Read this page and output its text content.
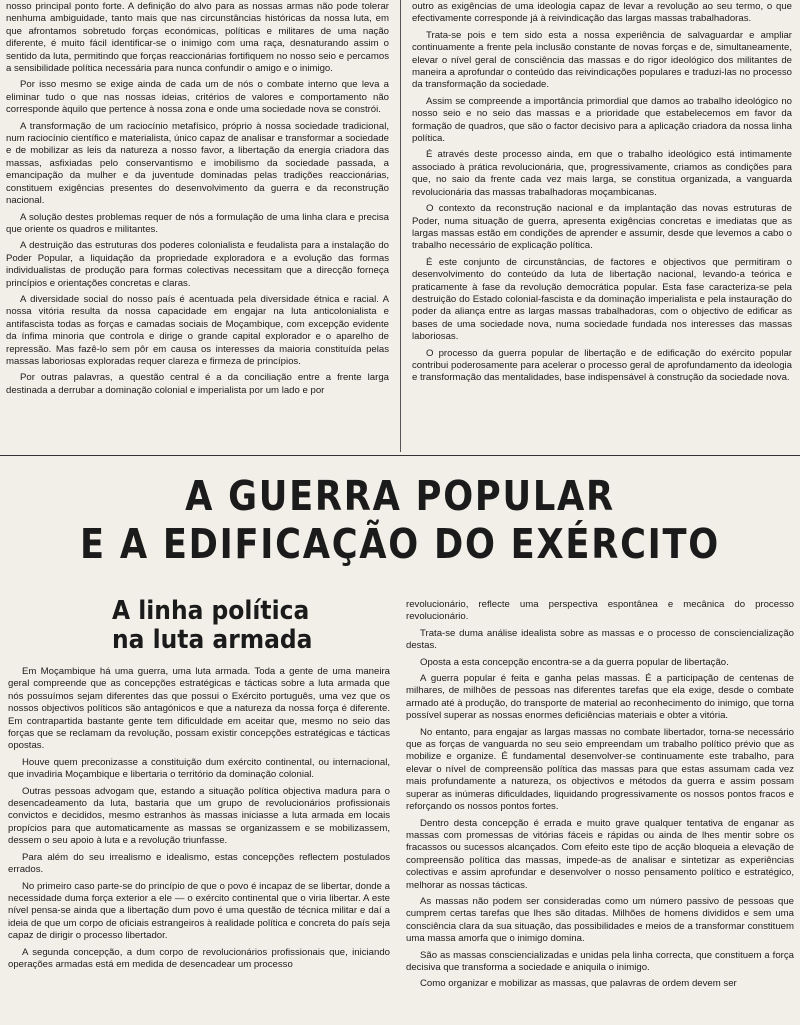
nosso principal ponto forte. A definição do alvo para as nossas armas não pode tolerar nenhuma ambiguidade, tanto mais que nas circunstâncias históricas da nossa luta, em que afrontamos sobretudo forças económicas, políticas e militares de uma nação diferente, é muito fácil identificar-se o inimigo com uma raça, desnaturando assim o sentido da luta, permitindo que forças reaccionárias fortifiquem no nosso seio e percamos a sensibilidade política necessária para nunca confundir o amigo e o inimigo.

Por isso mesmo se exige ainda de cada um de nós o combate interno que leva a eliminar tudo o que nas nossas ideias, critérios de valores e comportamento não corresponde àquilo que pertence à nossa zona e onde uma sociedade nova se constrói.

A transformação de um raciocínio metafísico, próprio à nossa sociedade tradicional, num raciocínio científico e materialista, único capaz de analisar e transformar a sociedade e de mobilizar as leis da natureza a nosso favor, a libertação da energia criadora das massas, asfixiadas pelo conservantismo e imobilismo da sociedade passada, a emancipação da mulher e da juventude dominadas pelas tradições reaccionárias, constituem exigências presentes do desenvolvimento da guerra e da reconstrução nacional.

A solução destes problemas requer de nós a formulação de uma linha clara e precisa que oriente os quadros e militantes.

A destruição das estruturas dos poderes colonialista e feudalista para a instalação do Poder Popular, a liquidação da propriedade exploradora e a evolução das formas individualistas de produção para formas colectivas necessitam que a direcção forneça princípios e orientações concretas e claras.

A diversidade social do nosso país é acentuada pela diversidade étnica e racial. A nossa vitória resulta da nossa capacidade em engajar na luta anticolonialista e antifascista todas as forças e camadas sociais de Moçambique, com excepção evidente da ínfima minoria que controla e dirige o grande capital explorador e o aparelho de repressão. Mas fazê-lo sem pôr em causa os interesses da maioria constituída pelas massas laboriosas exploradas requer clareza e firmeza de princípios.

Por outras palavras, a questão central é a da conciliação entre a frente larga destinada a derrubar a dominação colonial e imperialista por um lado e por

outro as exigências de uma ideologia capaz de levar a revolução ao seu termo, o que efectivamente corresponde já à reivindicação das largas massas trabalhadoras.

Trata-se pois e tem sido esta a nossa experiência de salvaguardar e ampliar continuamente a frente pela inclusão constante de novas forças e de, simultaneamente, elevar o nível geral de consciência das massas e do rigor ideológico dos militantes de maneira a aprofundar o conteúdo das reivindicações populares e traduzi-las no processo da transformação da sociedade.

Assim se compreende a importância primordial que damos ao trabalho ideológico no nosso seio e no seio das massas e a prioridade que estabelecemos em favor da formação de quadros, que são o factor decisivo para a aplicação criadora da nossa linha política.

É através deste processo ainda, em que o trabalho ideológico está intimamente associado à prática revolucionária, que, progressivamente, criamos as condições para que, no saio da frente cada vez mais larga, se constitua organizada, a vanguarda revolucionária das massas trabalhadoras moçambicanas.

O contexto da reconstrução nacional e da implantação das novas estruturas de Poder, numa situação de guerra, apresenta exigências concretas e imediatas que as largas massas estão em condições de aprender e assumir, desde que levemos a cabo o trabalho necessário de explicação política.

É este conjunto de circunstâncias, de factores e objectivos que permitiram o desenvolvimento do conteúdo da luta de libertação nacional, levando-a teórica e praticamente à fase da revolução democrática popular. Esta fase caracteriza-se pela destruição do Estado colonial-fascista e da dominação imperialista e pela instauração do poder da aliança entre as largas massas trabalhadoras, com o objectivo de edificar as bases de uma sociedade nova, numa sociedade fundada nos interesses das massas laboriosas.

O processo da guerra popular de libertação e de edificação do exército popular contribui poderosamente para acelerar o processo geral de aprofundamento da ideologia e transformação das mentalidades, base indispensável à construção da sociedade nova.

A GUERRA POPULAR
E A EDIFICAÇÃO DO EXÉRCITO
A linha política
na luta armada

Em Moçambique há uma guerra, uma luta armada. Toda a gente de uma maneira geral compreende que as concepções estratégicas e tácticas sobre a luta armada que nós possuímos sejam diferentes das que possui o Exército português, uma vez que os nossos objectivos políticos são antagónicos e que a natureza da nossa força é diferente. Em contrapartida bastante gente tem dificuldade em aceitar que, mesmo no seio das forças que se reclamam da revolução, possam existir concepções estratégicas e tácticas opostas.

Houve quem preconizasse a constituição dum exército continental, ou internacional, que invadiria Moçambique e libertaria o território da dominação colonial.

Outras pessoas advogam que, estando a situação política objectiva madura para o desencadeamento da luta, bastaria que um grupo de revolucionários profissionais convictos e decididos, mesmo estranhos às massas iniciasse a luta armada em locais propícios para que automaticamente as massas se organizassem e se mobilizassem, dessem o seu apoio à luta e a revolução triunfasse.

Para além do seu irrealismo e idealismo, estas concepções reflectem postulados errados.

No primeiro caso parte-se do princípio de que o povo é incapaz de se libertar, donde a necessidade duma força exterior a ele — o exército continental que o viria libertar. A este nível pensa-se ainda que a libertação dum povo é uma questão de técnica militar e daí a ideia de que um corpo de oficiais estrangeiros à realidade política e concreta do país seja capaz de dirigir o processo libertador.

A segunda concepção, a dum corpo de revolucionários profissionais que, iniciando operações armadas está em medida de desencadear um processo

revolucionário, reflecte uma perspectiva espontânea e mecânica do processo revolucionário.

Trata-se duma análise idealista sobre as massas e o processo de consciencialização destas.

Oposta a esta concepção encontra-se a da guerra popular de libertação.

A guerra popular é feita e ganha pelas massas. É a participação de centenas de milhares, de milhões de pessoas nas diferentes tarefas que ela exige, desde o combate armado até à produção, do transporte de material ao reconhecimento do inimigo, que torna possível superar as nossas enormes deficiências materiais e obter a vitória.

No entanto, para engajar as largas massas no combate libertador, torna-se necessário que as forças de vanguarda no seu seio empreendam um trabalho político prévio que as mobilize e organize. É fundamental desenvolver-se continuamente este trabalho, para elevar o nível de compreensão política das massas para que estas assumam cada vez mais profundamente a natureza, os objectivos e métodos da guerra e assim possam superar as inúmeras dificuldades, liquidando progressivamente os nossos pontos fracos e reforçando os nossos pontos fortes.

Dentro desta concepção é errada e muito grave qualquer tentativa de enganar as massas com promessas de vitórias fáceis e rápidas ou ainda de lhes mentir sobre os fracassos ou sucessos alcançados. Com efeito este tipo de acção bloqueia a elevação de compreensão política das massas, impede-as de analisar e sintetizar as experiências colectivas e assim aprofundar e desenvolver o nosso pensamento político e estratégico, melhorar as nossas tácticas.

As massas não podem ser consideradas como um número passivo de pessoas que cumprem certas tarefas que lhes são ditadas. Milhões de homens divididos e sem uma consciência clara da sua situação, das possibilidades e meios de a transformar constituem uma massa amorfa que o inimigo domina.

São as massas consciencializadas e unidas pela linha correcta, que constituem a força decisiva que transforma a sociedade e aniquila o inimigo.

Como organizar e mobilizar as massas, que palavras de ordem devem ser
